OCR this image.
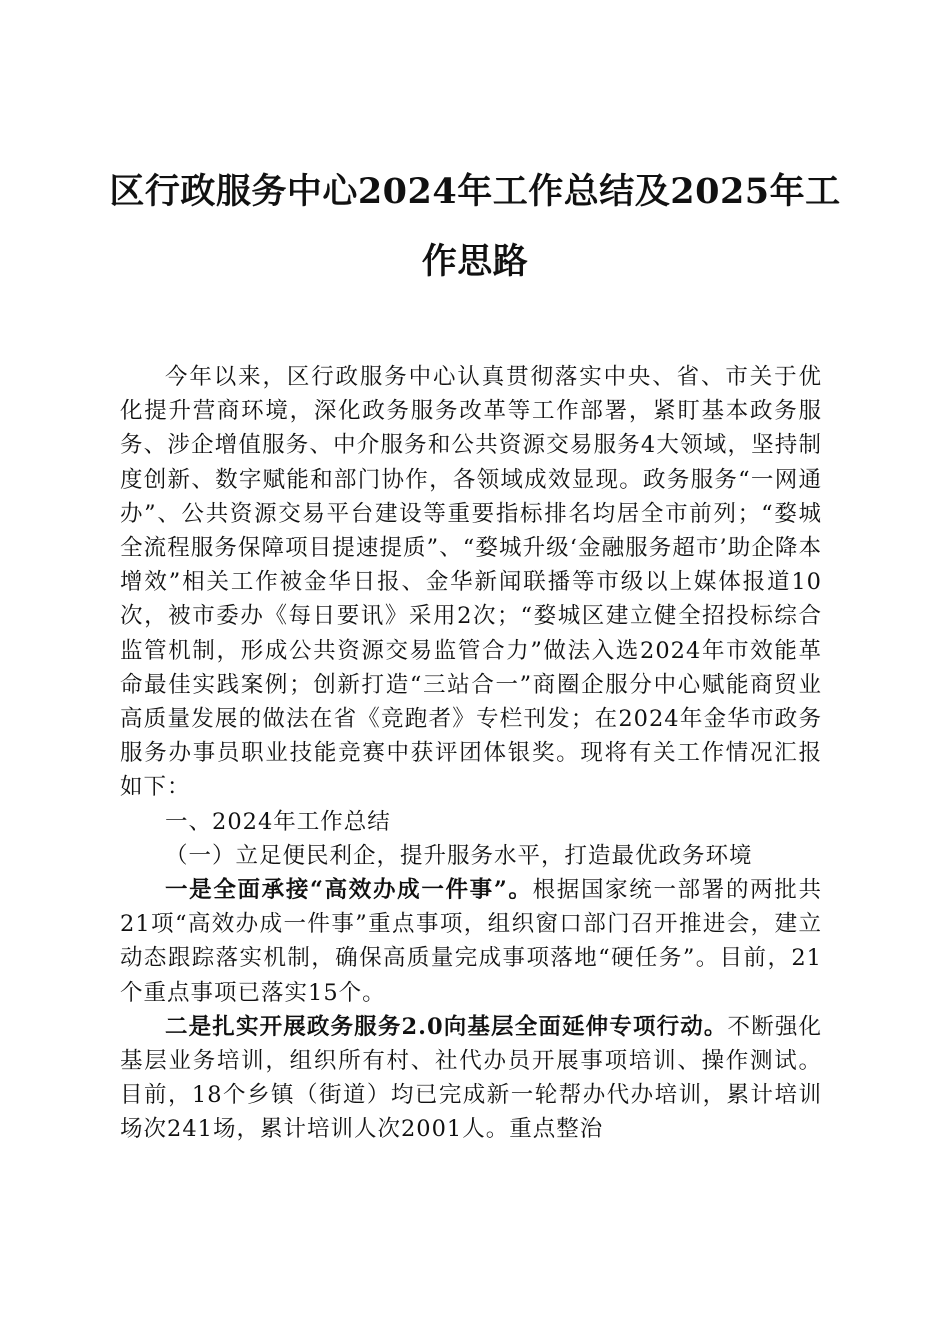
区行政服务中心2024年工作总结及2025年工
作思路

今年以来，区行政服务中心认真贯彻落实中央、省、市关于优化提升营商环境，深化政务服务改革等工作部署，紧盯基本政务服务、涉企增值服务、中介服务和公共资源交易服务4大领域，坚持制度创新、数字赋能和部门协作，各领域成效显现。政务服务“一网通办”、公共资源交易平台建设等重要指标排名均居全市前列；“婺城全流程服务保障项目提速提质”、“婺城升级‘金融服务超市’助企降本增效”相关工作被金华日报、金华新闻联播等市级以上媒体报道10次，被市委办《每日要讯》采用2次；“婺城区建立健全招投标综合监管机制，形成公共资源交易监管合力”做法入选2024年市效能革命最佳实践案例；创新打造“三站合一”商圈企服分中心赋能商贸业高质量发展的做法在省《竞跑者》专栏刊发；在2024年金华市政务服务办事员职业技能竞赛中获评团体银奖。现将有关工作情况汇报如下：

一、2024年工作总结

（一）立足便民利企，提升服务水平，打造最优政务环境

一是全面承接“高效办成一件事”。根据国家统一部署的两批共21项“高效办成一件事”重点事项，组织窗口部门召开推进会，建立动态跟踪落实机制，确保高质量完成事项落地“硬任务”。目前，21个重点事项已落实15个。

二是扎实开展政务服务2.0向基层全面延伸专项行动。不断强化基层业务培训，组织所有村、社代办员开展事项培训、操作测试。目前，18个乡镇（街道）均已完成新一轮帮办代办培训，累计培训场次241场，累计培训人次2001人。重点整治
